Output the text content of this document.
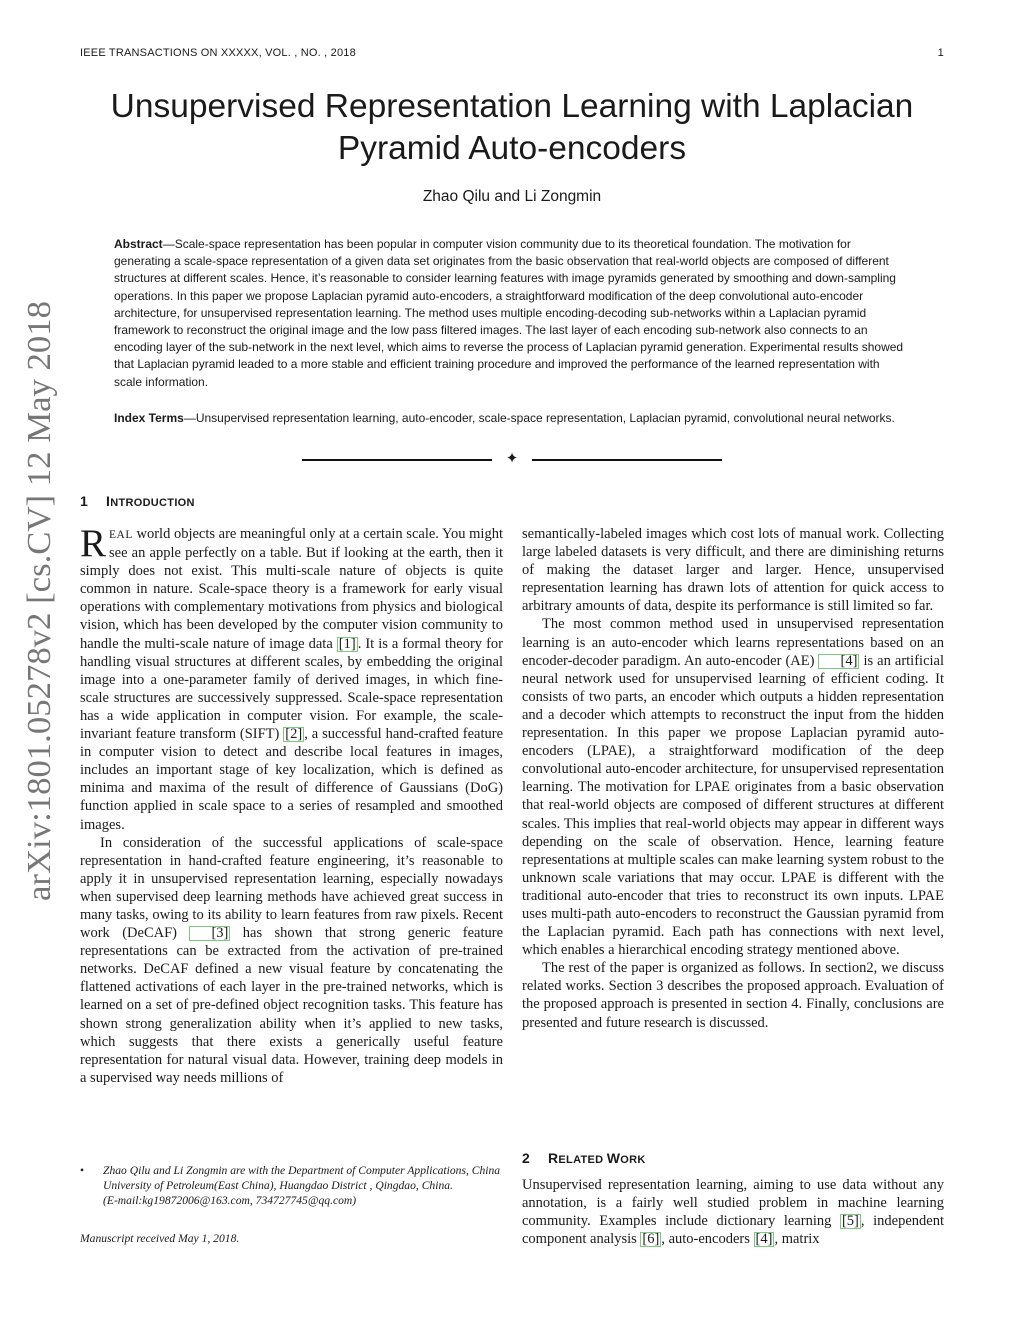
IEEE TRANSACTIONS ON XXXXX, VOL. , NO. , 2018	1
arXiv:1801.05278v2 [cs.CV] 12 May 2018
Unsupervised Representation Learning with Laplacian
Pyramid Auto-encoders
Zhao Qilu and Li Zongmin

Abstract—Scale-space representation has been popular in computer vision community due to its theoretical foundation. The motivation for generating a scale-space representation of a given data set originates from the basic observation that real-world objects are composed of different structures at different scales. Hence, it’s reasonable to consider learning features with image pyramids generated by smoothing and down-sampling operations. In this paper we propose Laplacian pyramid auto-encoders, a straightforward modification of the deep convolutional auto-encoder architecture, for unsupervised representation learning. The method uses multiple encoding-decoding sub-networks within a Laplacian pyramid framework to reconstruct the original image and the low pass filtered images. The last layer of each encoding sub-network also connects to an encoding layer of the sub-network in the next level, which aims to reverse the process of Laplacian pyramid generation. Experimental results showed that Laplacian pyramid leaded to a more stable and efficient training procedure and improved the performance of the learned representation with scale information.

Index Terms—Unsupervised representation learning, auto-encoder, scale-space representation, Laplacian pyramid, convolutional neural networks.

✦
1 INTRODUCTION

REAL world objects are meaningful only at a certain scale. You might see an apple perfectly on a table. But if looking at the earth, then it simply does not exist. This multi-scale nature of objects is quite common in nature. Scale-space theory is a framework for early visual operations with complementary motivations from physics and biological vision, which has been developed by the computer vision community to handle the multi-scale nature of image data [1] . It is a formal theory for handling visual structures at different scales, by embedding the original image into a one-parameter family of derived images, in which fine-scale structures are successively suppressed. Scale-space representation has a wide application in computer vision. For example, the scale-invariant feature transform (SIFT) [2] , a successful hand-crafted feature in computer vision to detect and describe local features in images, includes an important stage of key localization, which is defined as minima and maxima of the result of difference of Gaussians (DoG) function applied in scale space to a series of resampled and smoothed images.

In consideration of the successful applications of scale-space representation in hand-crafted feature engineering, it’s reasonable to apply it in unsupervised representation learning, especially nowadays when supervised deep learning methods have achieved great success in many tasks, owing to its ability to learn features from raw pixels. Recent work (DeCAF) [3] has shown that strong generic feature representations can be extracted from the activation of pre-trained networks. DeCAF defined a new visual feature by concatenating the flattened activations of each layer in the pre-trained networks, which is learned on a set of pre-defined object recognition tasks. This feature has shown strong generalization ability when it’s applied to new tasks, which suggests that there exists a generically useful feature representation for natural visual data. However, training deep models in a supervised way needs millions of

semantically-labeled images which cost lots of manual work. Collecting large labeled datasets is very difficult, and there are diminishing returns of making the dataset larger and larger. Hence, unsupervised representation learning has drawn lots of attention for quick access to arbitrary amounts of data, despite its performance is still limited so far.

The most common method used in unsupervised representation learning is an auto-encoder which learns representations based on an encoder-decoder paradigm. An auto-encoder (AE) [4] is an artificial neural network used for unsupervised learning of efficient coding. It consists of two parts, an encoder which outputs a hidden representation and a decoder which attempts to reconstruct the input from the hidden representation. In this paper we propose Laplacian pyramid auto-encoders (LPAE), a straightforward modification of the deep convolutional auto-encoder architecture, for unsupervised representation learning. The motivation for LPAE originates from a basic observation that real-world objects are composed of different structures at different scales. This implies that real-world objects may appear in different ways depending on the scale of observation. Hence, learning feature representations at multiple scales can make learning system robust to the unknown scale variations that may occur. LPAE is different with the traditional auto-encoder that tries to reconstruct its own inputs. LPAE uses multi-path auto-encoders to reconstruct the Gaussian pyramid from the Laplacian pyramid. Each path has connections with next level, which enables a hierarchical encoding strategy mentioned above.

The rest of the paper is organized as follows. In section2, we discuss related works. Section 3 describes the proposed approach. Evaluation of the proposed approach is presented in section 4. Finally, conclusions are presented and future research is discussed.

2 RELATED WORK

Unsupervised representation learning, aiming to use data without any annotation, is a fairly well studied problem in machine learning community. Examples include dictionary learning [5] , independent component analysis [6] , auto-encoders [4] , matrix

• Zhao Qilu and Li Zongmin are with the Department of Computer Applications, China University of Petroleum(East China), Huangdao District , Qingdao, China.
(E-mail:kg19872006@163.com, 734727745@qq.com)
Manuscript received May 1, 2018.
